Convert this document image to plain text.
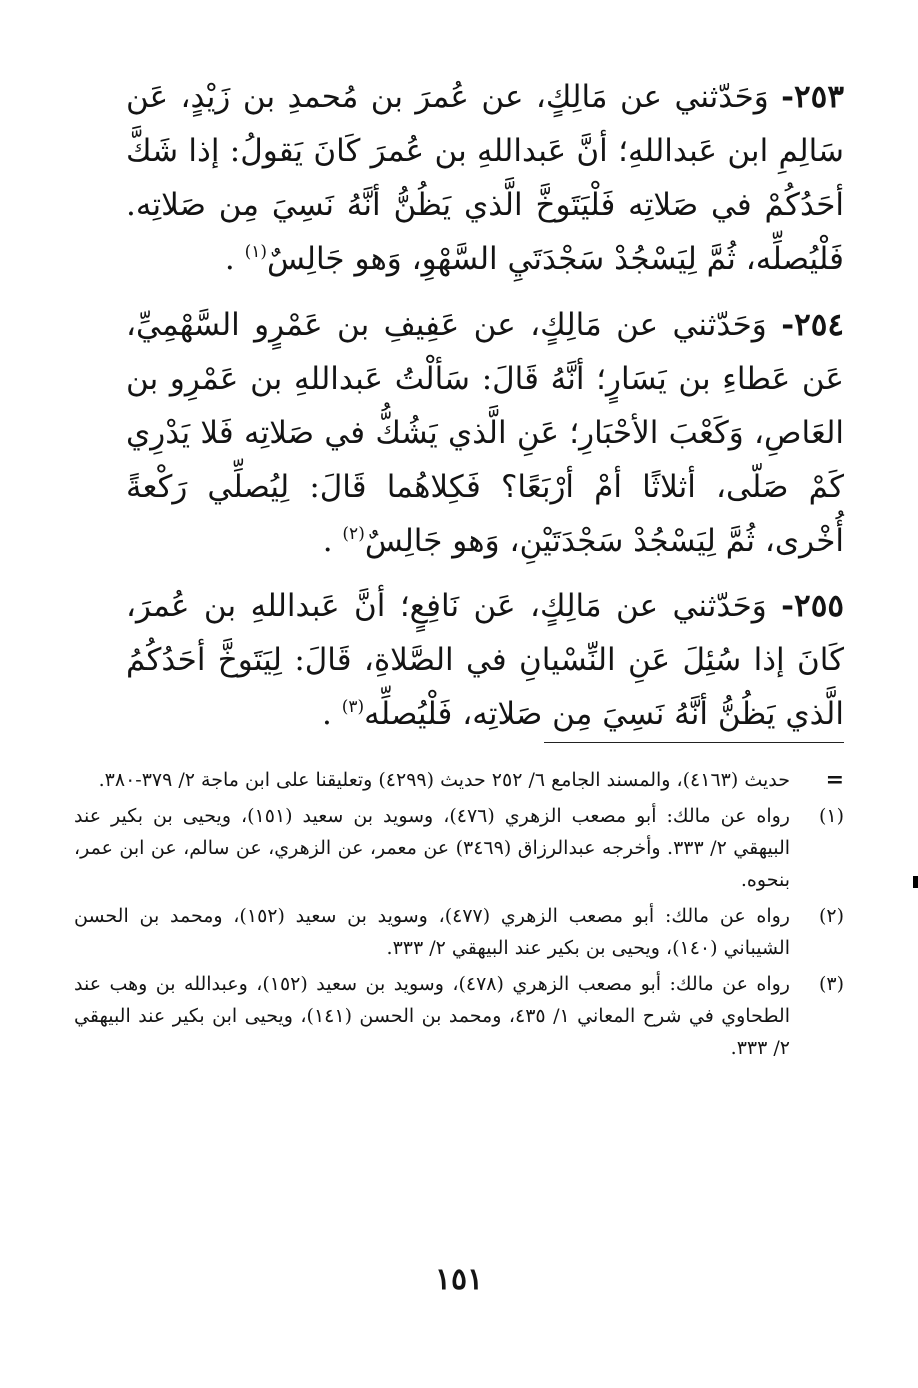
٢٥٣- وَحَدّثني عن مَالِكٍ، عن عُمرَ بن مُحمدِ بن زَيْدٍ، عَن سَالِمِ ابن عَبداللهِ؛ أنَّ عَبداللهِ بن عُمرَ كَانَ يَقولُ: إذا شَكَّ أحَدُكُمْ في صَلاتِه فَلْيَتَوخَّ الَّذي يَظُنُّ أنَّهُ نَسِيَ مِن صَلاتِه. فَلْيُصلِّه، ثُمَّ لِيَسْجُدْ سَجْدَتَيِ السَّهْوِ، وَهو جَالِسٌ$^{(١)}$ .

٢٥٤- وَحَدّثني عن مَالِكٍ، عن عَفِيفِ بن عَمْرٍو السَّهْمِيِّ، عَن عَطاءِ بن يَسَارٍ؛ أنَّهُ قَالَ: سَألْتُ عَبداللهِ بن عَمْرِو بن العَاصِ، وَكَعْبَ الأحْبَارِ؛ عَنِ الَّذي يَشُكُّ في صَلاتِه فَلا يَدْرِي كَمْ صَلّى، أثلاثًا أمْ أرْبَعًا؟ فَكِلاهُما قَالَ: لِيُصلِّي رَكْعةً أُخْرى، ثُمَّ لِيَسْجُدْ سَجْدَتَيْنِ، وَهو جَالِسٌ$^{(٢)}$ .

٢٥٥- وَحَدّثني عن مَالِكٍ، عَن نَافِعٍ؛ أنَّ عَبداللهِ بن عُمرَ، كَانَ إذا سُئِلَ عَنِ النِّسْيانِ في الصَّلاةِ، قَالَ: لِيَتَوخَّ أحَدُكُمُ الَّذي يَظُنُّ أنَّهُ نَسِيَ مِن صَلاتِه، فَلْيُصلِّه$^{(٣)}$ .

=
حديث (٤١٦٣)، والمسند الجامع ٦/ ٢٥٢ حديث (٤٢٩٩) وتعليقنا على ابن ماجة ٢/ ٣٧٩-٣٨٠.

(١)
رواه عن مالك: أبو مصعب الزهري (٤٧٦)، وسويد بن سعيد (١٥١)، ويحيى بن بكير عند البيهقي ٢/ ٣٣٣. وأخرجه عبدالرزاق (٣٤٦٩) عن معمر، عن الزهري، عن سالم، عن ابن عمر، بنحوه.

(٢)
رواه عن مالك: أبو مصعب الزهري (٤٧٧)، وسويد بن سعيد (١٥٢)، ومحمد بن الحسن الشيباني (١٤٠)، ويحيى بن بكير عند البيهقي ٢/ ٣٣٣.

(٣)
رواه عن مالك: أبو مصعب الزهري (٤٧٨)، وسويد بن سعيد (١٥٢)، وعبدالله بن وهب عند الطحاوي في شرح المعاني ١/ ٤٣٥، ومحمد بن الحسن (١٤١)، ويحيى ابن بكير عند البيهقي ٢/ ٣٣٣.

١٥١
